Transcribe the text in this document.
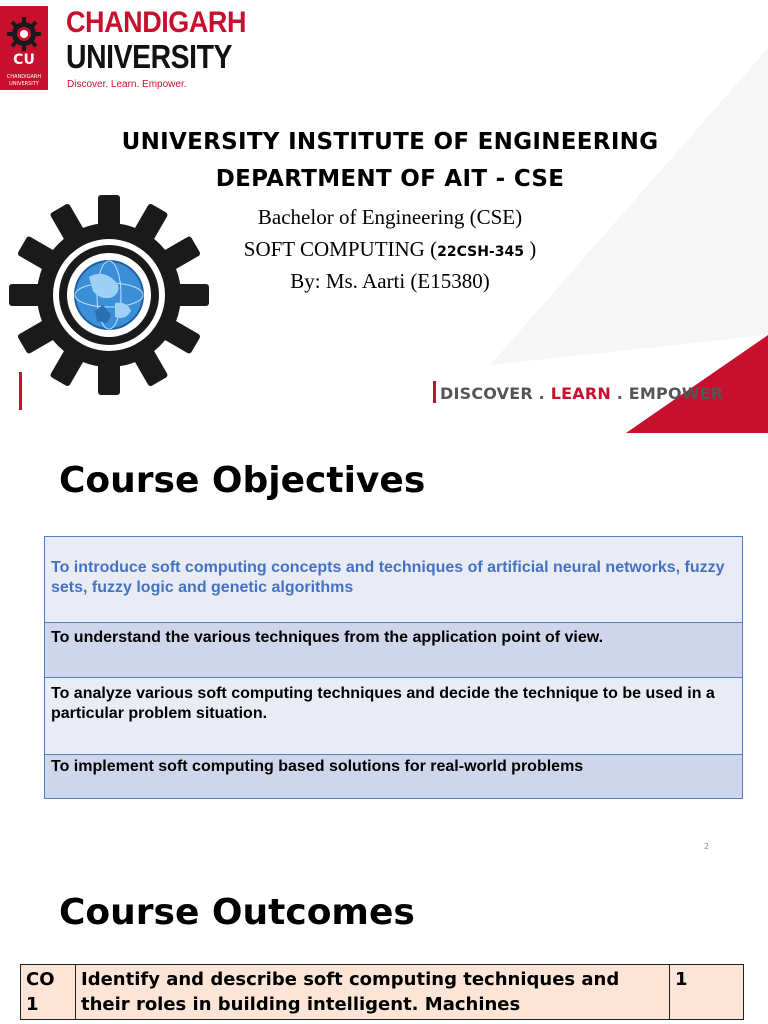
CU
CHANDIGARH
UNIVERSITY
CHANDIGARH
UNIVERSITY
Discover. Learn. Empower.
UNIVERSITY INSTITUTE OF ENGINEERING
DEPARTMENT OF AIT - CSE
Bachelor of Engineering (CSE)
SOFT COMPUTING (22CSH-345 )
By: Ms. Aarti (E15380)
DISCOVER . LEARN . EMPOWER
Course Objectives
To introduce soft computing concepts and techniques of artificial neural networks, fuzzy sets, fuzzy logic and genetic algorithms
To understand the various techniques from the application point of view.
To analyze various soft computing techniques and decide the technique to be used in a particular problem situation.
To implement soft computing based solutions for real-world problems
2
Course Outcomes
CO 1	Identify and describe soft computing techniques and their roles in building intelligent. Machines	1
